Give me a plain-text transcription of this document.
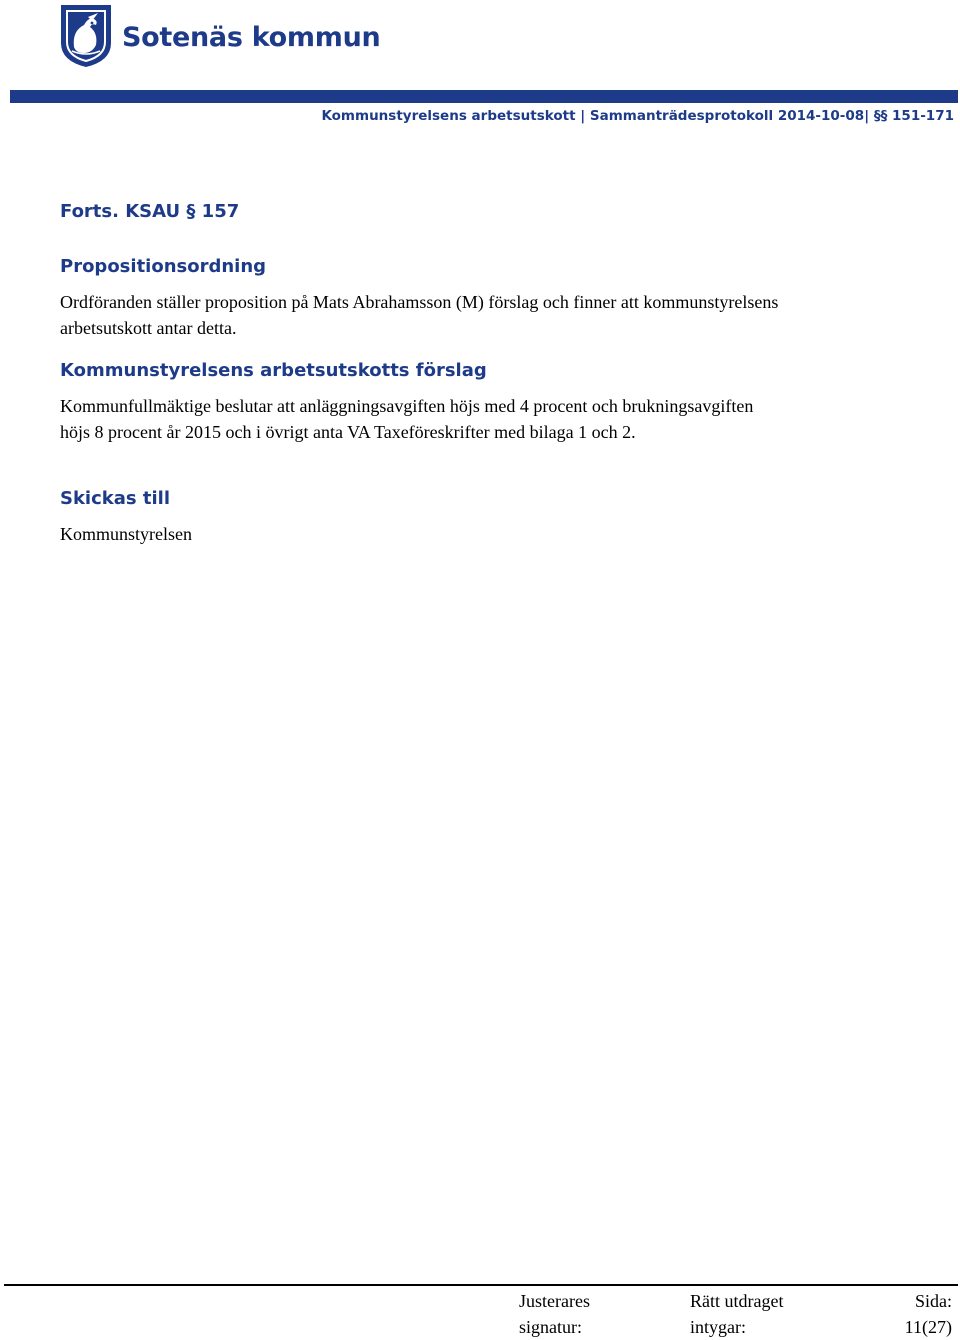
Sotenäs kommun
Kommunstyrelsens arbetsutskott | Sammanträdesprotokoll 2014-10-08| §§ 151-171
Forts. KSAU § 157
Propositionsordning
Ordföranden ställer proposition på Mats Abrahamsson (M) förslag och finner att kommunstyrelsens
arbetsutskott antar detta.
Kommunstyrelsens arbetsutskotts förslag
Kommunfullmäktige beslutar att anläggningsavgiften höjs med 4 procent och brukningsavgiften
höjs 8 procent år 2015 och i övrigt anta VA Taxeföreskrifter med bilaga 1 och 2.
Skickas till
Kommunstyrelsen
Justerares
signatur:
Rätt utdraget
intygar:
Sida:
11(27)
